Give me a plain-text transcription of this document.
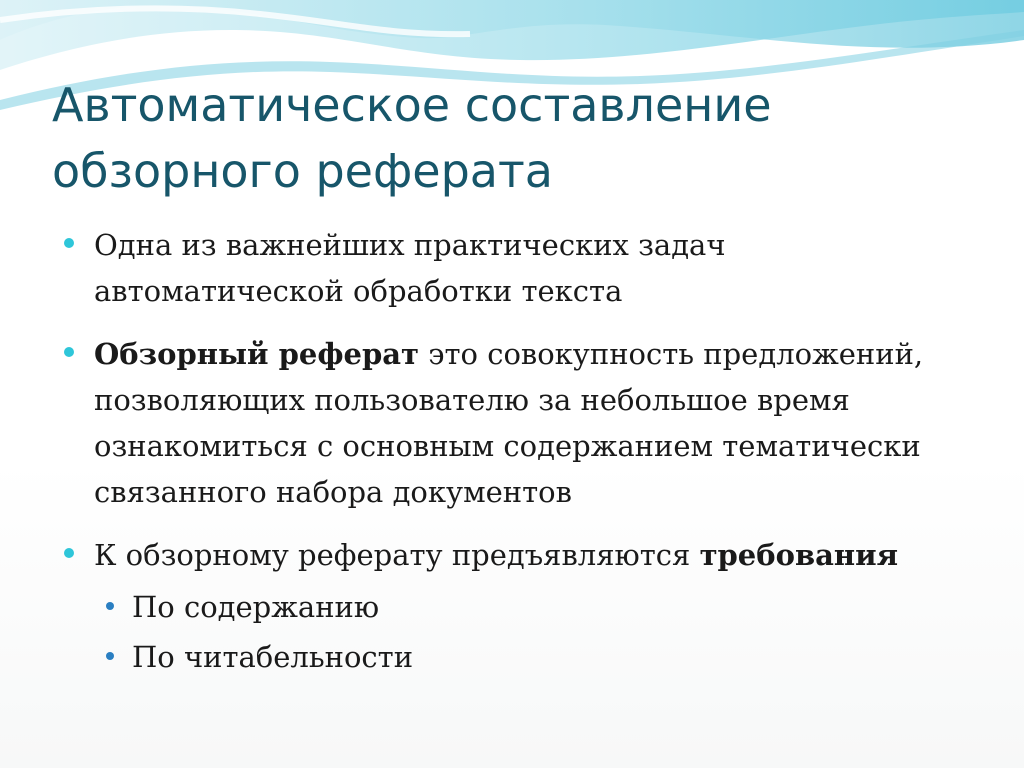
Автоматическое составление
обзорного реферата
Одна из важнейших практических задач
автоматической обработки текста
Обзорный реферат это совокупность предложений,
позволяющих пользователю за небольшое время
ознакомиться с основным содержанием тематически
связанного набора документов
К обзорному реферату предъявляются требования
По содержанию
По читабельности
